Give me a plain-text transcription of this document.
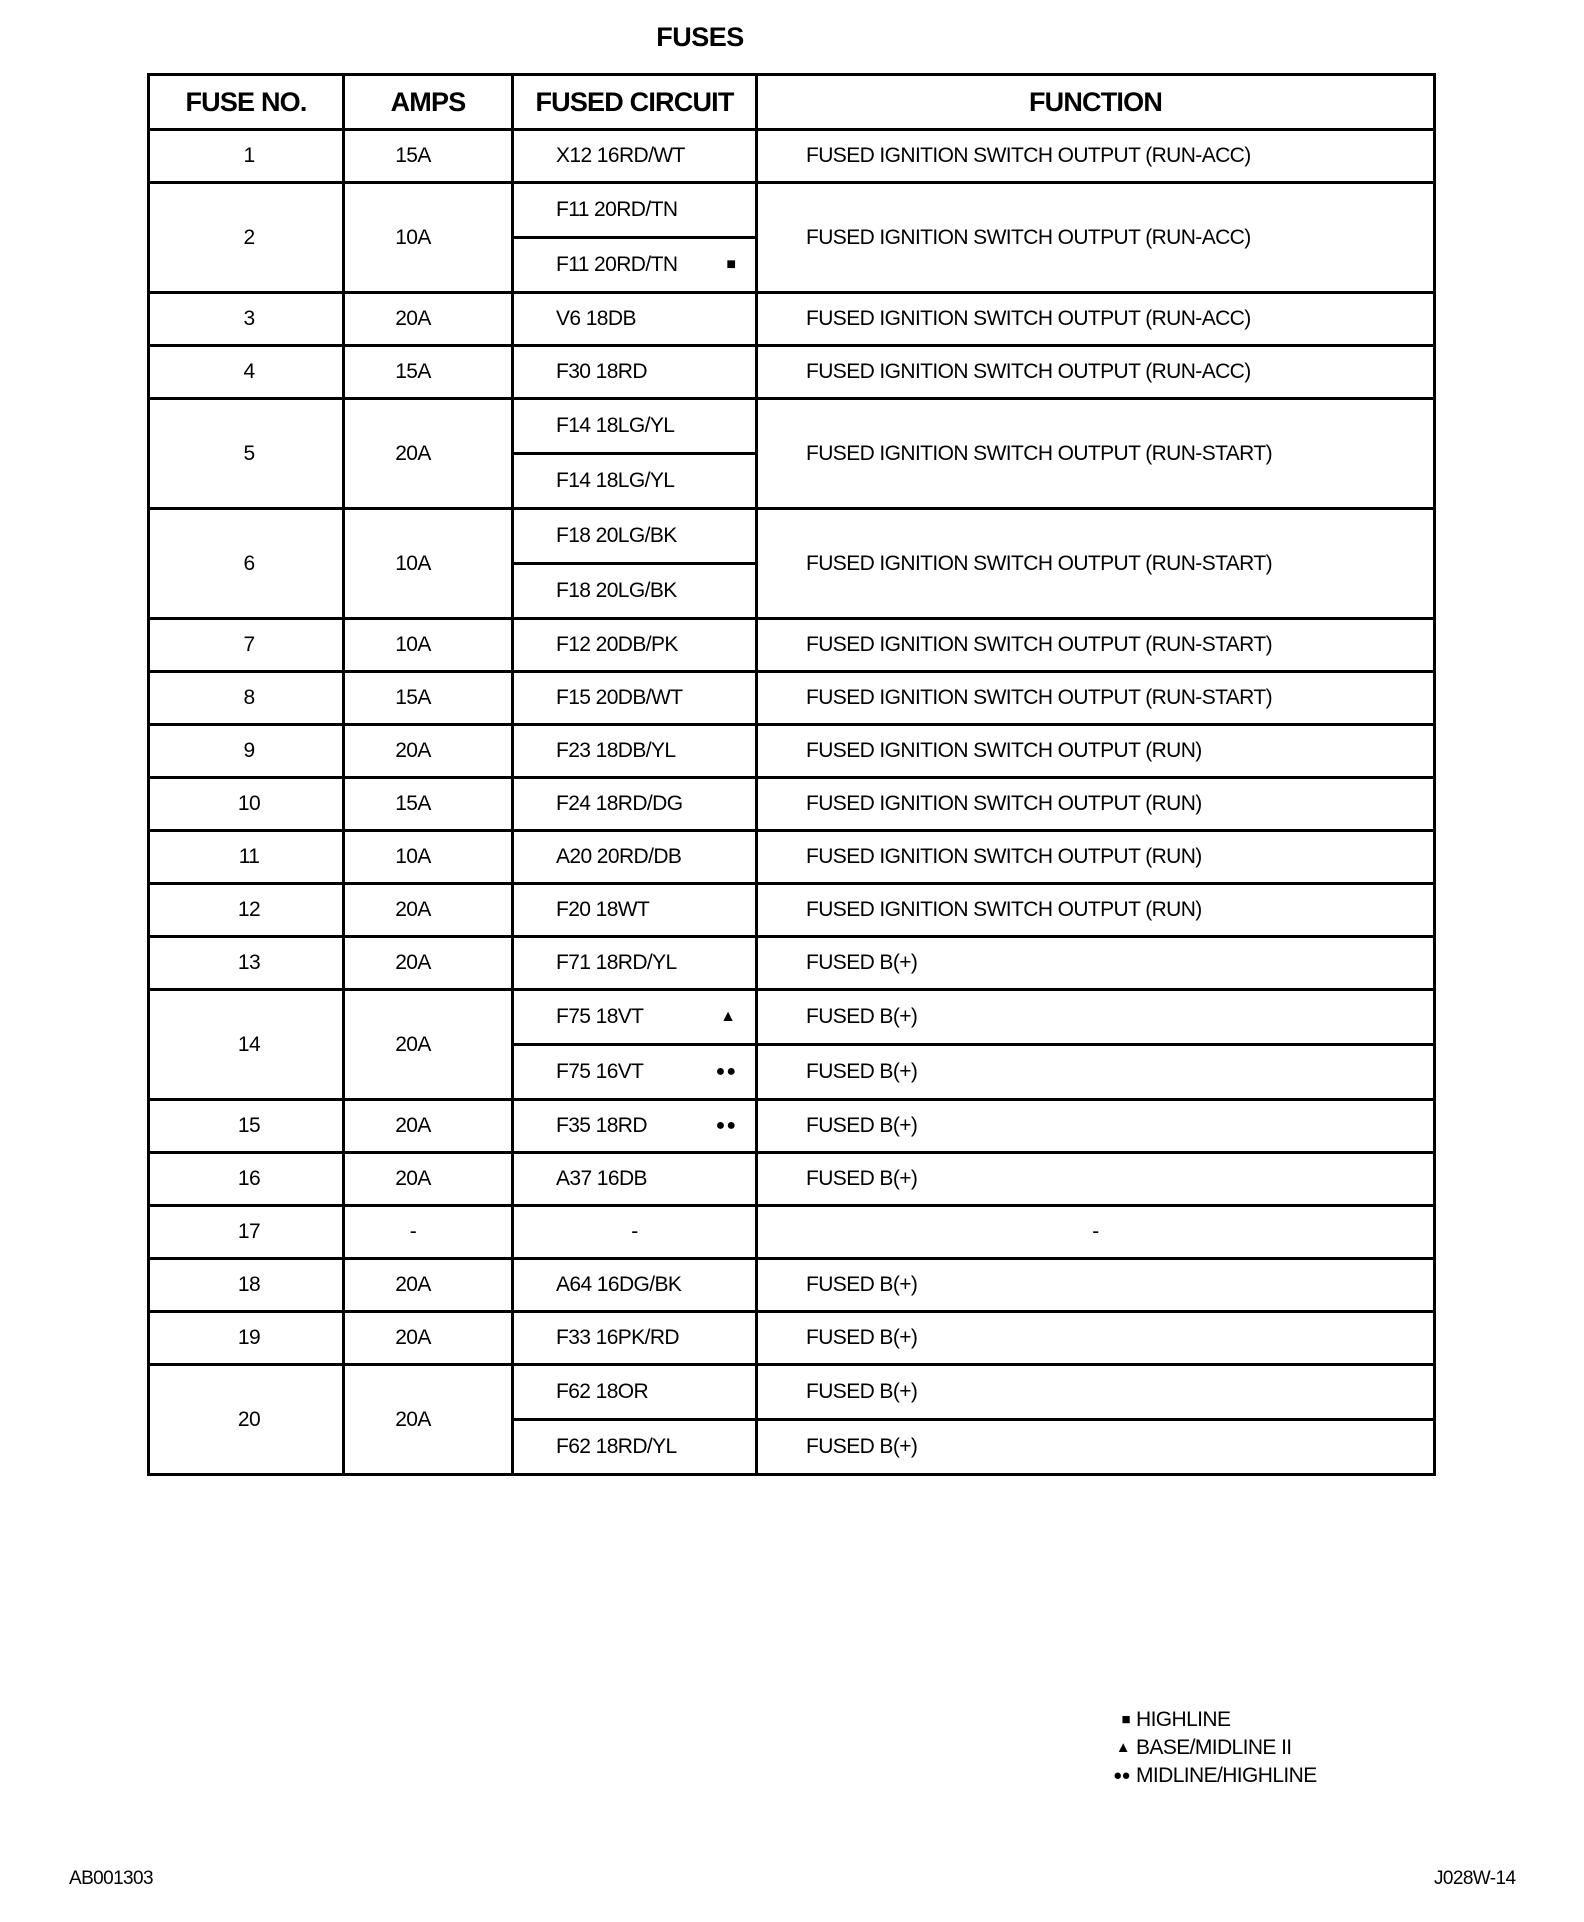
FUSES
FUSE NO.	AMPS	FUSED CIRCUIT	FUNCTION
1	15A	X12 16RD/WT	FUSED IGNITION SWITCH OUTPUT (RUN-ACC)
2	10A	F11 20RD/TN	FUSED IGNITION SWITCH OUTPUT (RUN-ACC)
		F11 20RD/TN ■	

3	20A	V6 18DB	FUSED IGNITION SWITCH OUTPUT (RUN-ACC)
4	15A	F30 18RD	FUSED IGNITION SWITCH OUTPUT (RUN-ACC)
5	20A	F14 18LG/YL	FUSED IGNITION SWITCH OUTPUT (RUN-START)
		F14 18LG/YL	
6	10A	F18 20LG/BK	FUSED IGNITION SWITCH OUTPUT (RUN-START)
		F18 20LG/BK	
7	10A	F12 20DB/PK	FUSED IGNITION SWITCH OUTPUT (RUN-START)
8	15A	F15 20DB/WT	FUSED IGNITION SWITCH OUTPUT (RUN-START)
9	20A	F23 18DB/YL	FUSED IGNITION SWITCH OUTPUT (RUN)
10	15A	F24 18RD/DG	FUSED IGNITION SWITCH OUTPUT (RUN)
11	10A	A20 20RD/DB	FUSED IGNITION SWITCH OUTPUT (RUN)
12	20A	F20 18WT	FUSED IGNITION SWITCH OUTPUT (RUN)
13	20A	F71 18RD/YL	FUSED B(+)
14	20A	F75 18VT ▲	FUSED B(+)
		F75 16VT ●●	FUSED B(+)
15	20A	F35 18RD ●●	FUSED B(+)
16	20A	A37 16DB	FUSED B(+)
17	-	-	-
18	20A	A64 16DG/BK	FUSED B(+)
19	20A	F33 16PK/RD	FUSED B(+)
20	20A	F62 18OR	FUSED B(+)
		F62 18RD/YL	FUSED B(+)
■ HIGHLINE
▲ BASE/MIDLINE II
●● MIDLINE/HIGHLINE
AB001303	J028W-14
